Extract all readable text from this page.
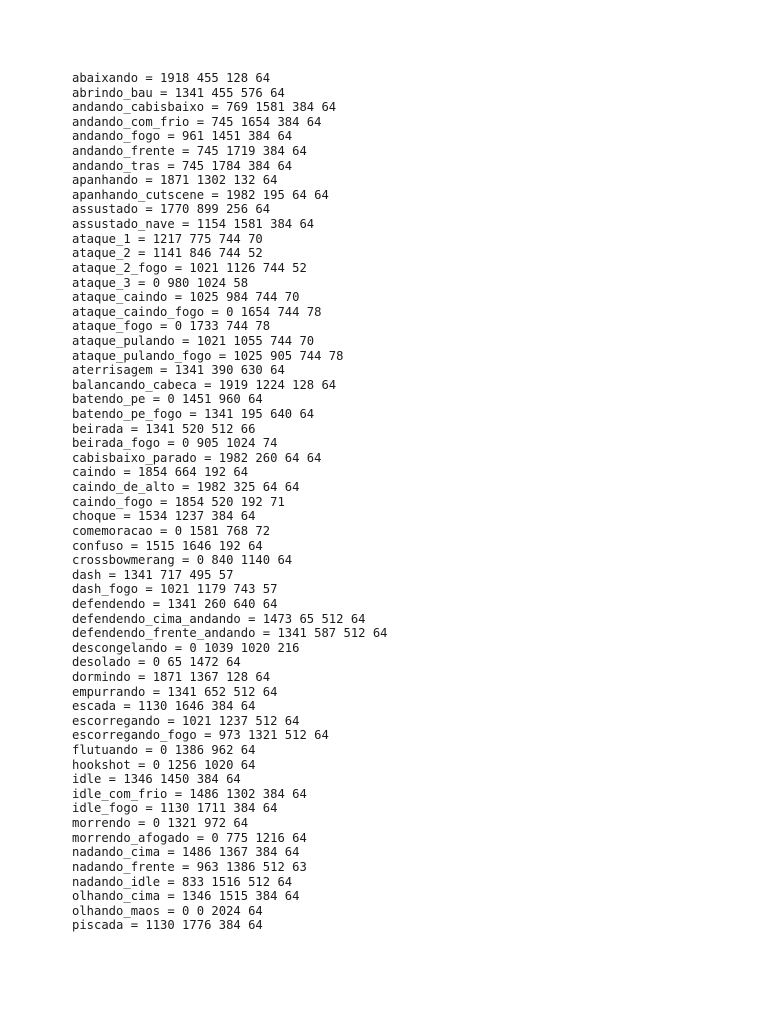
abaixando = 1918 455 128 64
abrindo_bau = 1341 455 576 64
andando_cabisbaixo = 769 1581 384 64
andando_com_frio = 745 1654 384 64
andando_fogo = 961 1451 384 64
andando_frente = 745 1719 384 64
andando_tras = 745 1784 384 64
apanhando = 1871 1302 132 64
apanhando_cutscene = 1982 195 64 64
assustado = 1770 899 256 64
assustado_nave = 1154 1581 384 64
ataque_1 = 1217 775 744 70
ataque_2 = 1141 846 744 52
ataque_2_fogo = 1021 1126 744 52
ataque_3 = 0 980 1024 58
ataque_caindo = 1025 984 744 70
ataque_caindo_fogo = 0 1654 744 78
ataque_fogo = 0 1733 744 78
ataque_pulando = 1021 1055 744 70
ataque_pulando_fogo = 1025 905 744 78
aterrisagem = 1341 390 630 64
balancando_cabeca = 1919 1224 128 64
batendo_pe = 0 1451 960 64
batendo_pe_fogo = 1341 195 640 64
beirada = 1341 520 512 66
beirada_fogo = 0 905 1024 74
cabisbaixo_parado = 1982 260 64 64
caindo = 1854 664 192 64
caindo_de_alto = 1982 325 64 64
caindo_fogo = 1854 520 192 71
choque = 1534 1237 384 64
comemoracao = 0 1581 768 72
confuso = 1515 1646 192 64
crossbowmerang = 0 840 1140 64
dash = 1341 717 495 57
dash_fogo = 1021 1179 743 57
defendendo = 1341 260 640 64
defendendo_cima_andando = 1473 65 512 64
defendendo_frente_andando = 1341 587 512 64
descongelando = 0 1039 1020 216
desolado = 0 65 1472 64
dormindo = 1871 1367 128 64
empurrando = 1341 652 512 64
escada = 1130 1646 384 64
escorregando = 1021 1237 512 64
escorregando_fogo = 973 1321 512 64
flutuando = 0 1386 962 64
hookshot = 0 1256 1020 64
idle = 1346 1450 384 64
idle_com_frio = 1486 1302 384 64
idle_fogo = 1130 1711 384 64
morrendo = 0 1321 972 64
morrendo_afogado = 0 775 1216 64
nadando_cima = 1486 1367 384 64
nadando_frente = 963 1386 512 63
nadando_idle = 833 1516 512 64
olhando_cima = 1346 1515 384 64
olhando_maos = 0 0 2024 64
piscada = 1130 1776 384 64
